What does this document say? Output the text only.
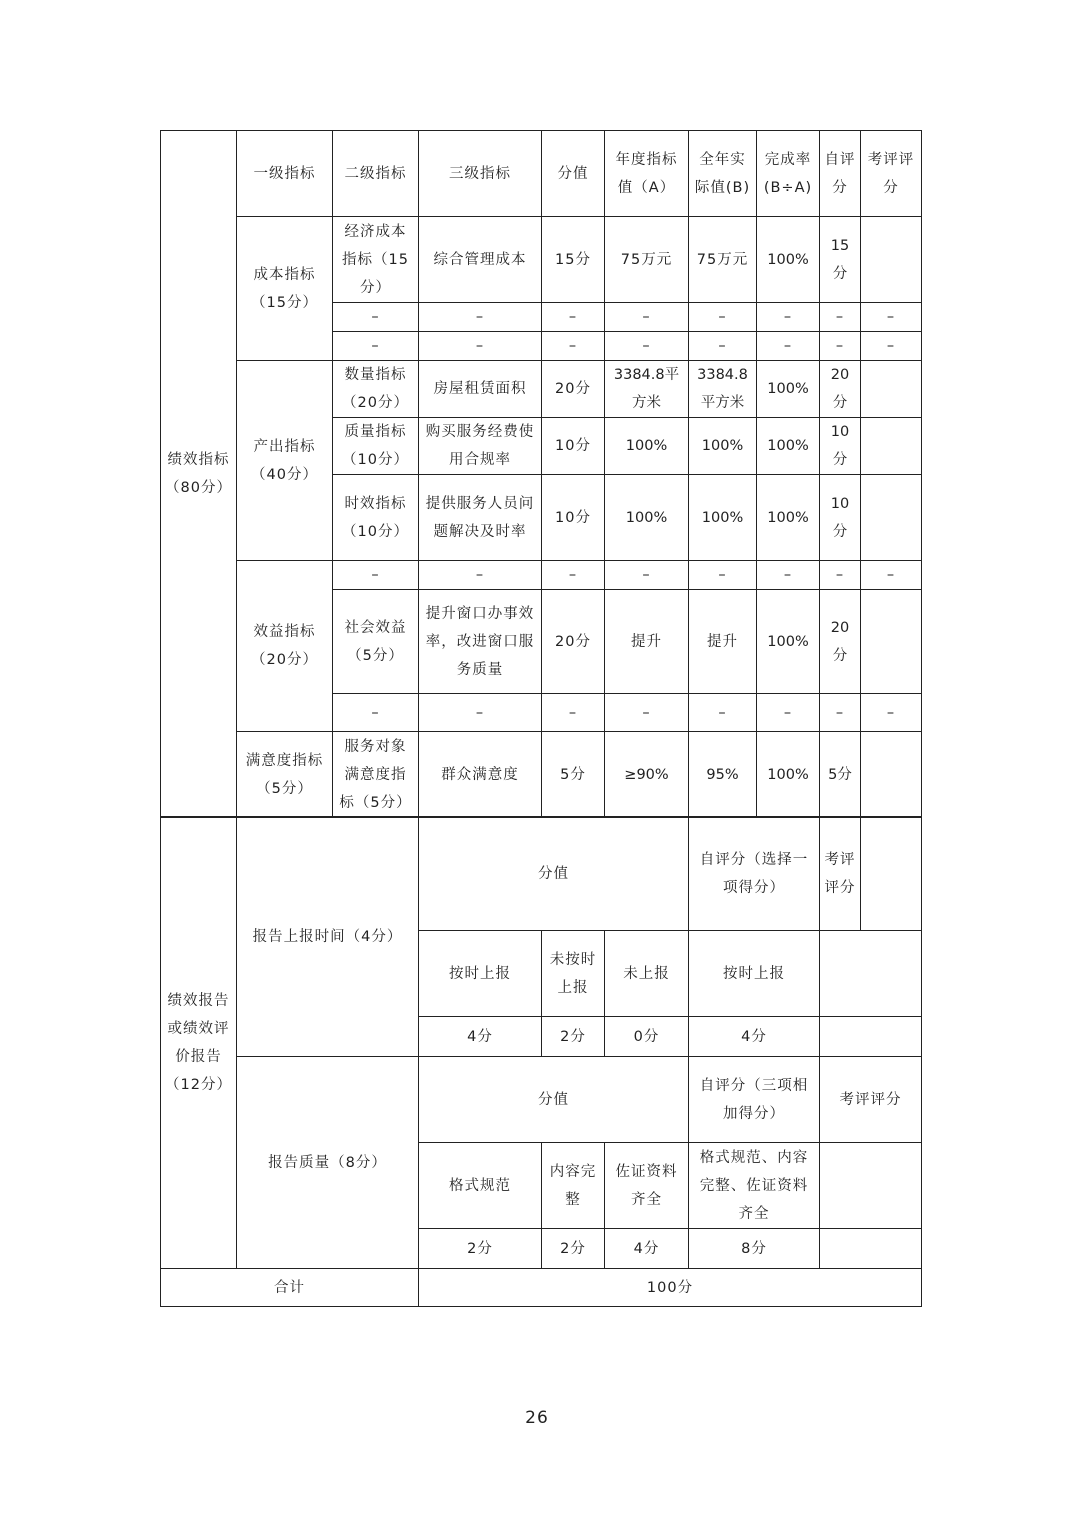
绩效指标（80分）	一级指标	二级指标	三级指标	分值	年度指标值（A）	全年实际值(B)	完成率(B÷A)	自评分	考评评分
	成本指标（15分）	经济成本指标（15分）	综合管理成本	15分	75万元	75万元	100%	15分	
		–	–	–	–	–	–	–	–
		–	–	–	–	–	–	–	–
	产出指标（40分）	数量指标（20分）	房屋租赁面积	20分	3384.8平方米	3384.8平方米	100%	20分	
		质量指标（10分）	购买服务经费使用合规率	10分	100%	100%	100%	10分	
		时效指标（10分）	提供服务人员问题解决及时率	10分	100%	100%	100%	10分	
	效益指标（20分）	–	–	–	–	–	–	–	–
		社会效益（5分）	提升窗口办事效率，改进窗口服务质量	20分	提升	提升	100%	20分	
		–	–	–	–	–	–	–	–
	满意度指标（5分）	服务对象满意度指标（5分）	群众满意度	5分	≥90%	95%	100%	5分	
绩效报告或绩效评价报告（12分）	报告上报时间（4分）	分值			自评分（选择一项得分）	考评评分	
		按时上报	未按时上报	未上报	按时上报		
		4分	2分	0分	4分		
	报告质量（8分）	分值			自评分（三项相加得分）	考评评分	
		格式规范	内容完整	佐证资料齐全	格式规范、内容完整、佐证资料齐全		
		2分	2分	4分	8分		
合计		100分					
26
